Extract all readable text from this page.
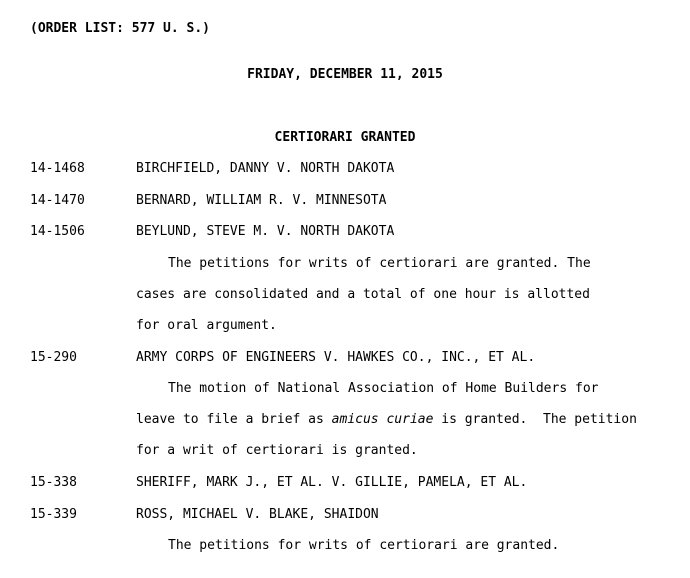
(ORDER LIST: 577 U. S.)
FRIDAY, DECEMBER 11, 2015
CERTIORARI GRANTED
14-1468	BIRCHFIELD, DANNY V. NORTH DAKOTA
14-1470	BERNARD, WILLIAM R. V. MINNESOTA
14-1506	BEYLUND, STEVE M. V. NORTH DAKOTA
The petitions for writs of certiorari are granted. The
cases are consolidated and a total of one hour is allotted
for oral argument.
15-290	ARMY CORPS OF ENGINEERS V. HAWKES CO., INC., ET AL.
The motion of National Association of Home Builders for
leave to file a brief as amicus curiae is granted.  The petition
for a writ of certiorari is granted.
15-338	SHERIFF, MARK J., ET AL. V. GILLIE, PAMELA, ET AL.
15-339	ROSS, MICHAEL V. BLAKE, SHAIDON
The petitions for writs of certiorari are granted.
